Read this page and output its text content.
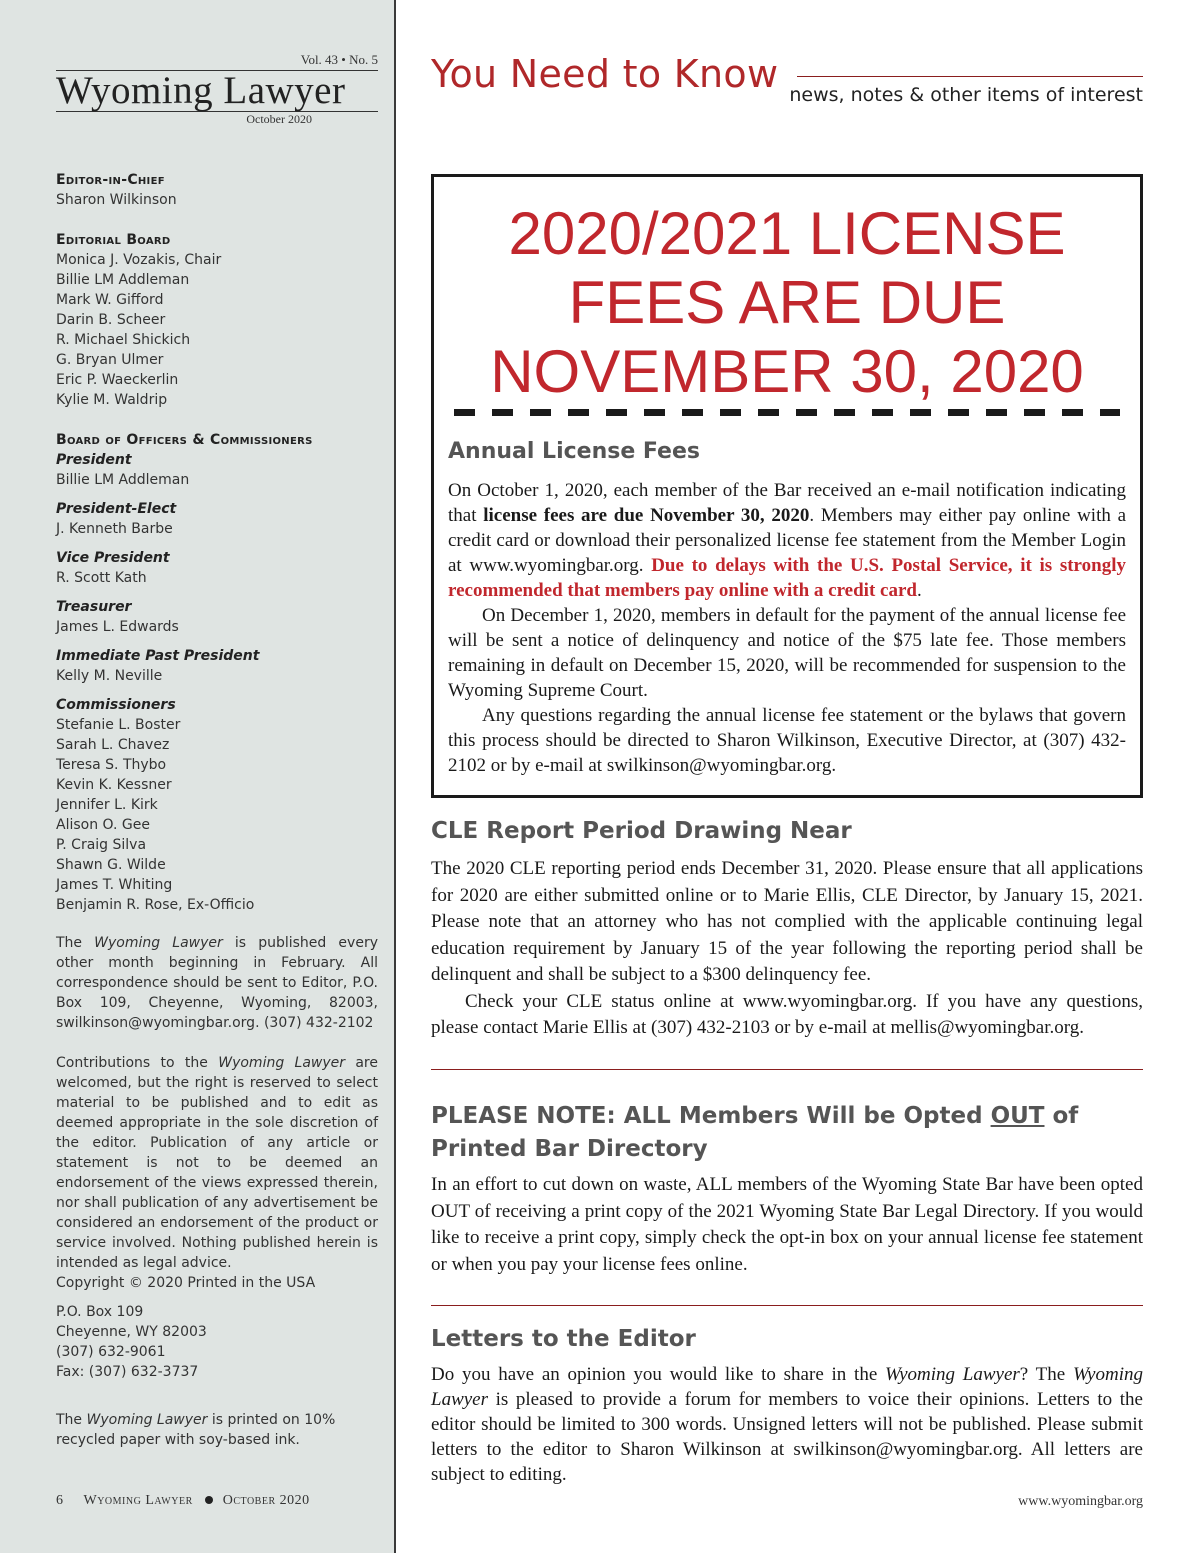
Vol. 43 • No. 5
Wyoming Lawyer
October 2020
Editor-in-Chief
Sharon Wilkinson
Editorial Board
Monica J. Vozakis, Chair
Billie LM Addleman
Mark W. Gifford
Darin B. Scheer
R. Michael Shickich
G. Bryan Ulmer
Eric P. Waeckerlin
Kylie M. Waldrip
Board of Officers & Commissioners
President
Billie LM Addleman
President-Elect
J. Kenneth Barbe
Vice President
R. Scott Kath
Treasurer
James L. Edwards
Immediate Past President
Kelly M. Neville
Commissioners
Stefanie L. Boster
Sarah L. Chavez
Teresa S. Thybo
Kevin K. Kessner
Jennifer L. Kirk
Alison O. Gee
P. Craig Silva
Shawn G. Wilde
James T. Whiting
Benjamin R. Rose, Ex-Officio
The Wyoming Lawyer is published every other month beginning in February. All correspondence should be sent to Editor, P.O. Box 109, Cheyenne, Wyoming, 82003, swilkinson@wyomingbar.org. (307) 432-2102
Contributions to the Wyoming Lawyer are welcomed, but the right is reserved to select material to be published and to edit as deemed appropriate in the sole discretion of the editor. Publication of any article or statement is not to be deemed an endorsement of the views expressed therein, nor shall publication of any advertisement be considered an endorsement of the product or service involved. Nothing published herein is intended as legal advice.
Copyright © 2020 Printed in the USA
P.O. Box 109
Cheyenne, WY 82003
(307) 632-9061
Fax: (307) 632-3737
The Wyoming Lawyer is printed on 10% recycled paper with soy-based ink.
6 Wyoming Lawyer October 2020
You Need to Know news, notes & other items of interest
2020/2021 LICENSE
FEES ARE DUE
NOVEMBER 30, 2020
Annual License Fees

On October 1, 2020, each member of the Bar received an e-mail notification indicating that license fees are due November 30, 2020. Members may either pay online with a credit card or download their personalized license fee statement from the Member Login at www.wyomingbar.org. Due to delays with the U.S. Postal Service, it is strongly recommended that members pay online with a credit card.

On December 1, 2020, members in default for the payment of the annual license fee will be sent a notice of delinquency and notice of the $75 late fee. Those members remaining in default on December 15, 2020, will be recommended for suspension to the Wyoming Supreme Court.

Any questions regarding the annual license fee statement or the bylaws that govern this process should be directed to Sharon Wilkinson, Executive Director, at (307) 432-2102 or by e-mail at swilkinson@wyomingbar.org.

CLE Report Period Drawing Near

The 2020 CLE reporting period ends December 31, 2020. Please ensure that all applications for 2020 are either submitted online or to Marie Ellis, CLE Director, by January 15, 2021. Please note that an attorney who has not complied with the applicable continuing legal education requirement by January 15 of the year following the reporting period shall be delinquent and shall be subject to a $300 delinquency fee.

Check your CLE status online at www.wyomingbar.org. If you have any questions, please contact Marie Ellis at (307) 432-2103 or by e-mail at mellis@wyomingbar.org.

PLEASE NOTE: ALL Members Will be Opted OUT of Printed Bar Directory

In an effort to cut down on waste, ALL members of the Wyoming State Bar have been opted OUT of receiving a print copy of the 2021 Wyoming State Bar Legal Directory. If you would like to receive a print copy, simply check the opt-in box on your annual license fee statement or when you pay your license fees online.

Letters to the Editor

Do you have an opinion you would like to share in the Wyoming Lawyer? The Wyoming Lawyer is pleased to provide a forum for members to voice their opinions. Letters to the editor should be limited to 300 words. Unsigned letters will not be published. Please submit letters to the editor to Sharon Wilkinson at swilkinson@wyomingbar.org. All letters are subject to editing.

www.wyomingbar.org
